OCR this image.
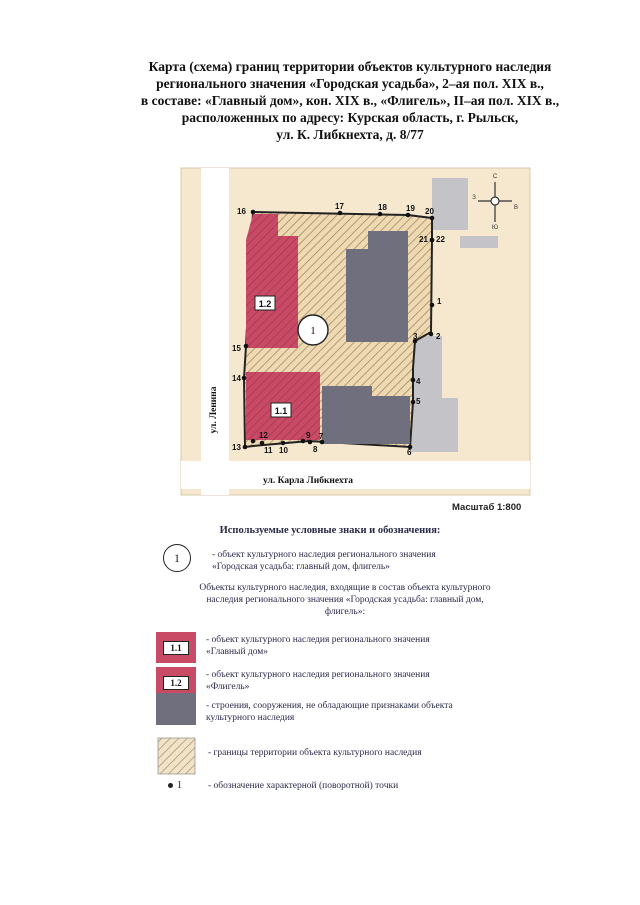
Карта (схема) границ территории объектов культурного наследия
регионального значения «Городская усадьба», 2–ая пол. XIX в.,
в составе: «Главный дом», кон. XIX в., «Флигель», II–ая пол. XIX в.,
расположенных по адресу: Курская область, г. Рыльск,
ул. К. Либкнехта, д. 8/77
1.2
1.1
1
1
2
3
4
5
6
7
8
9
10
11
12
13
14
15
16
17	18 19 20
21 22
ул. Ленина
ул. Карла Либкнехта
С
Ю
З
В
Масштаб 1:800
Используемые условные знаки и обозначения:
1	- объект культурного наследия регионального значения
«Городская усадьба: главный дом, флигель»
Объекты культурного наследия, входящие в состав объекта культурного
наследия регионального значения «Городская усадьба: главный дом,
флигель»:
1.1
- объект культурного наследия регионального значения
«Главный дом»
1.2
- объект культурного наследия регионального значения
«Флигель»
- строения, сооружения, не обладающие признаками объекта
культурного наследия
- границы территории объекта культурного наследия
1	- обозначение характерной (поворотной) точки
